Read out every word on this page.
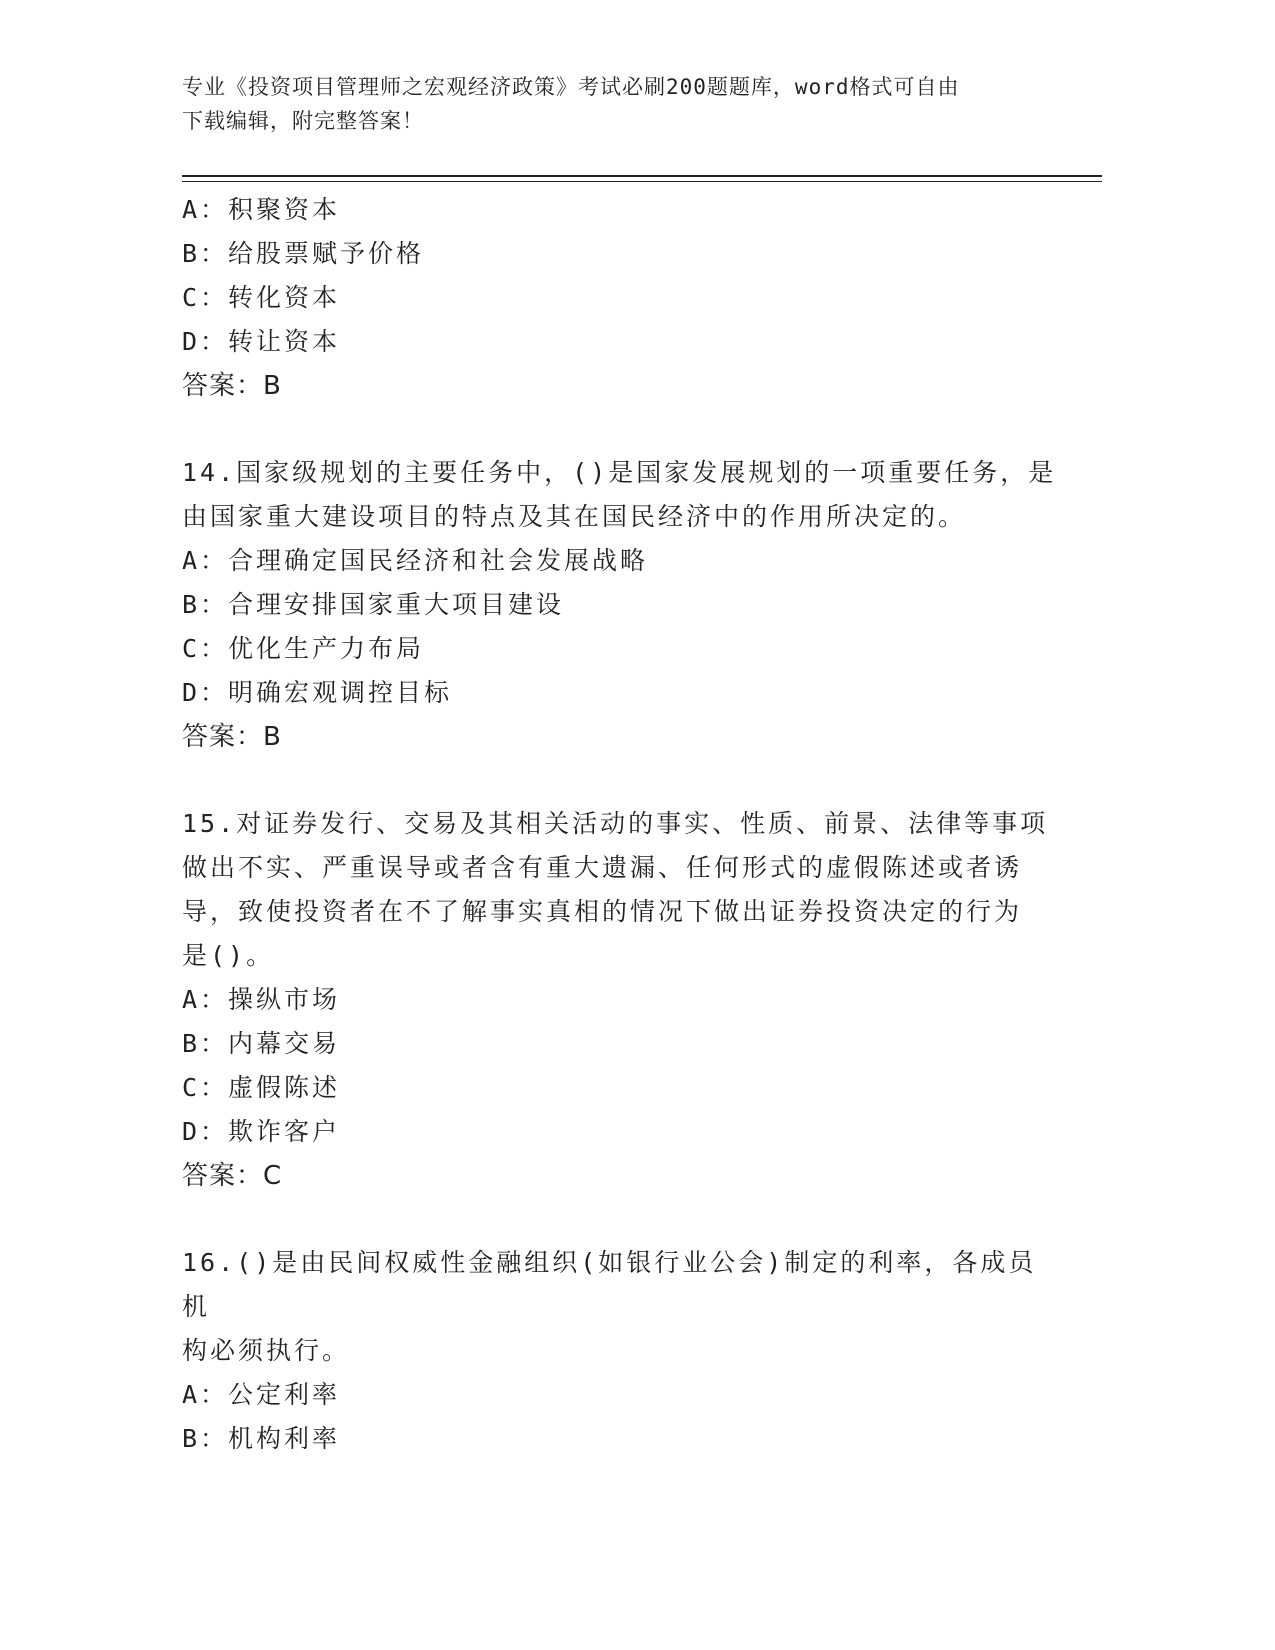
专业《投资项目管理师之宏观经济政策》考试必刷200题题库，word格式可自由
下载编辑，附完整答案！
A：积聚资本
B：给股票赋予价格
C：转化资本
D：转让资本
答案：B
14.国家级规划的主要任务中，()是国家发展规划的一项重要任务，是
由国家重大建设项目的特点及其在国民经济中的作用所决定的。
A：合理确定国民经济和社会发展战略
B：合理安排国家重大项目建设
C：优化生产力布局
D：明确宏观调控目标
答案：B
15.对证券发行、交易及其相关活动的事实、性质、前景、法律等事项
做出不实、严重误导或者含有重大遗漏、任何形式的虚假陈述或者诱
导，致使投资者在不了解事实真相的情况下做出证券投资决定的行为
是()。
A：操纵市场
B：内幕交易
C：虚假陈述
D：欺诈客户
答案：C
16.()是由民间权威性金融组织(如银行业公会)制定的利率，各成员机
构必须执行。
A：公定利率
B：机构利率
